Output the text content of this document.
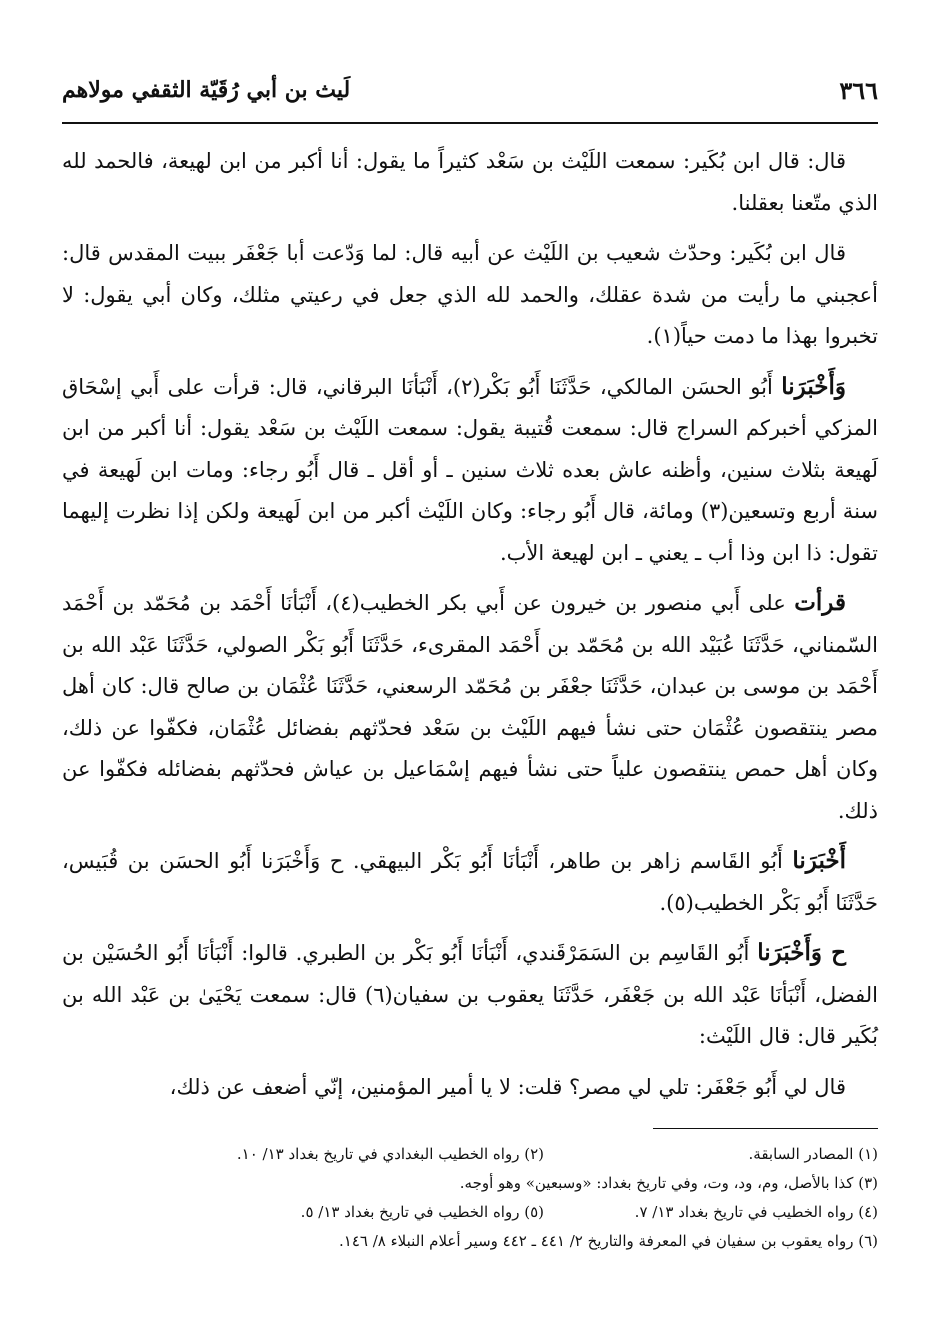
٣٦٦
لَيث بن أبي رُقَيّة الثقفي مولاهم

قال: قال ابن بُكَير: سمعت اللَيْث بن سَعْد كثيراً ما يقول: أنا أكبر من ابن لهيعة، فالحمد لله الذي متّعنا بعقلنا.

قال ابن بُكَير: وحدّث شعيب بن اللَيْث عن أبيه قال: لما وَدّعت أبا جَعْفَر ببيت المقدس قال: أعجبني ما رأيت من شدة عقلك، والحمد لله الذي جعل في رعيتي مثلك، وكان أبي يقول: لا تخبروا بهذا ما دمت حياً(١).

وَأَخْبَرَنا أَبُو الحسَن المالكي، حَدَّثَنَا أَبُو بَكْر(٢)، أَنْبَأنَا البرقاني، قال: قرأت على أَبي إسْحَاق المزكي أخبركم السراج قال: سمعت قُتيبة يقول: سمعت اللَيْث بن سَعْد يقول: أنا أكبر من ابن لَهيعة بثلاث سنين، وأظنه عاش بعده ثلاث سنين ـ أو أقل ـ قال أَبُو رجاء: ومات ابن لَهيعة في سنة أربع وتسعين(٣) ومائة، قال أَبُو رجاء: وكان اللَيْث أكبر من ابن لَهيعة ولكن إذا نظرت إليهما تقول: ذا ابن وذا أب ـ يعني ـ ابن لهيعة الأب.

قرأت على أَبي منصور بن خيرون عن أَبي بكر الخطيب(٤)، أَنْبَأنَا أَحْمَد بن مُحَمّد بن أَحْمَد السّمناني، حَدَّثَنَا عُبَيْد الله بن مُحَمّد بن أَحْمَد المقرىء، حَدَّثَنَا أَبُو بَكْر الصولي، حَدَّثَنَا عَبْد الله بن أَحْمَد بن موسى بن عبدان، حَدَّثَنَا جعْفَر بن مُحَمّد الرسعني، حَدَّثَنَا عُثْمَان بن صالح قال: كان أهل مصر ينتقصون عُثْمَان حتى نشأ فيهم اللَيْث بن سَعْد فحدّثهم بفضائل عُثْمَان، فكفّوا عن ذلك، وكان أهل حمص ينتقصون علياً حتى نشأ فيهم إسْمَاعيل بن عياش فحدّثهم بفضائله فكفّوا عن ذلك.

أَخْبَرَنا أَبُو القَاسم زاهر بن طاهر، أَنْبَأنَا أَبُو بَكْر البيهقي. ح وَأَخْبَرَنا أَبُو الحسَن بن قُبَيس، حَدَّثَنَا أَبُو بَكْر الخطيب(٥).

ح وَأَخْبَرَنا أَبُو القَاسِم بن السَمَرْقَندي، أَنْبَأنَا أَبُو بَكْر بن الطبري. قالوا: أَنْبَأنَا أَبُو الحُسَيْن بن الفضل، أَنْبَأنَا عَبْد الله بن جَعْفَر، حَدَّثَنَا يعقوب بن سفيان(٦) قال: سمعت يَحْيَىٰ بن عَبْد الله بن بُكَير قال: قال اللَيْث:

قال لي أَبُو جَعْفَر: تلي لي مصر؟ قلت: لا يا أمير المؤمنين، إنّي أضعف عن ذلك،

(١) المصادر السابقة.
(٢) رواه الخطيب البغدادي في تاريخ بغداد ١٣/ ١٠.
(٣) كذا بالأصل، وم، ود، وت، وفي تاريخ بغداد: «وسبعين» وهو أوجه.
(٤) رواه الخطيب في تاريخ بغداد ١٣/ ٧.
(٥) رواه الخطيب في تاريخ بغداد ١٣/ ٥.
(٦) رواه يعقوب بن سفيان في المعرفة والتاريخ ٢/ ٤٤١ ـ ٤٤٢ وسير أعلام النبلاء ٨/ ١٤٦.
